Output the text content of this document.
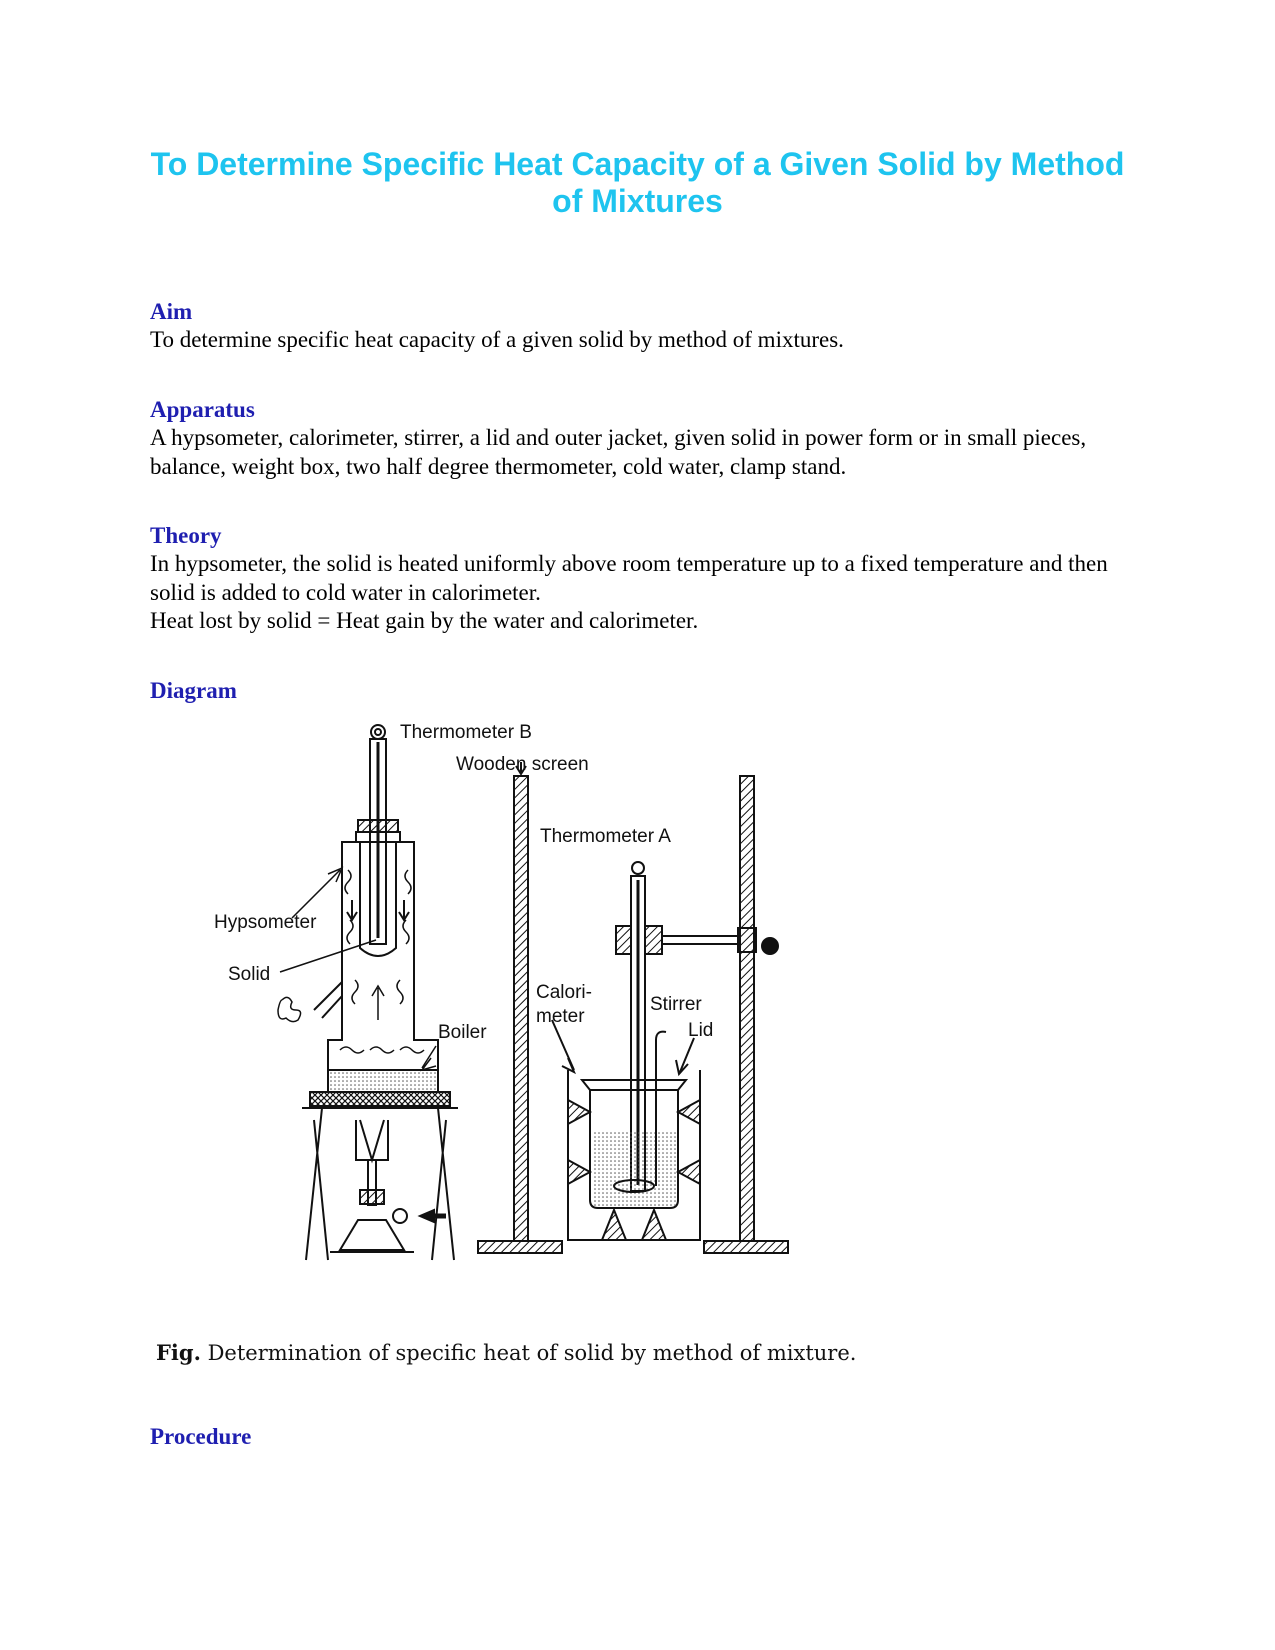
To Determine Specific Heat Capacity of a Given Solid by Method of Mixtures

Aim

To determine specific heat capacity of a given solid by method of mixtures.

Apparatus

A hypsometer, calorimeter, stirrer, a lid and outer jacket, given solid in power form or in small pieces, balance, weight box, two half degree thermometer, cold water, clamp stand.

Theory

In hypsometer, the solid is heated uniformly above room temperature up to a fixed temperature and then solid is added to cold water in calorimeter.

Heat lost by solid = Heat gain by the water and calorimeter.

Diagram

Thermometer B
Wooden screen
Thermometer A
Hypsometer
Solid
Calori-
meter
Stirrer
Lid
Boiler

Fig. Determination of specific heat of solid by method of mixture.

Procedure
